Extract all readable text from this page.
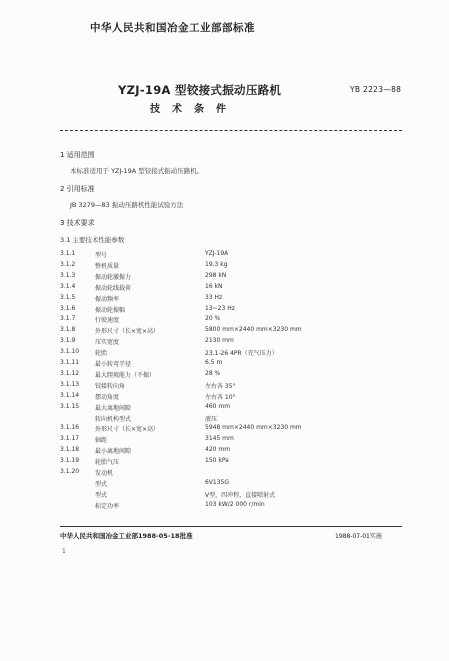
中华人民共和国冶金工业部部标准
YB 2223—88
YZJ-19A 型铰接式振动压路机
技术条件
1 适用范围
本标准适用于 YZJ-19A 型铰接式振动压路机。
2 引用标准
JB 3279—83 振动压路机性能试验方法
3 技术要求
3.1 主要技术性能参数
3.1.1	型号	YZJ-19A
3.1.2	整机质量	19.3 kg
3.1.3	振动轮激振力	298 kN
3.1.4	振动轮线载荷	16 kN
3.1.5	振动频率	33 Hz
3.1.6	振动轮振幅	13~23 Hz
3.1.7	行驶速度	20 %
3.1.8	外形尺寸（长×宽×高）	5800 mm×2440 mm×3230 mm
3.1.9	压实宽度	2130 mm
3.1.10	轮胎	23.1-26 4PR（充气压力）
3.1.11	最小转弯半径	6.5 m
3.1.12	最大爬坡能力（不振）	28 %
3.1.13	铰接转向角	左右各 35°
3.1.14	摆动角度	左右各 10°
3.1.15	最大离地间隙	460 mm
转向机构型式	液压
3.1.16	外形尺寸（长×宽×高）	5948 mm×2440 mm×3230 mm
3.1.17	轴距	3145 mm
3.1.18	最小离地间隙	420 mm
3.1.19	轮胎气压	150 kPa
3.1.20	发动机
型式	6V135G
型式	V型，四冲程，直接喷射式
标定功率	103 kW/2 000 r/min
中华人民共和国冶金工业部1988-05-18批准	1988-07-01实施
1
